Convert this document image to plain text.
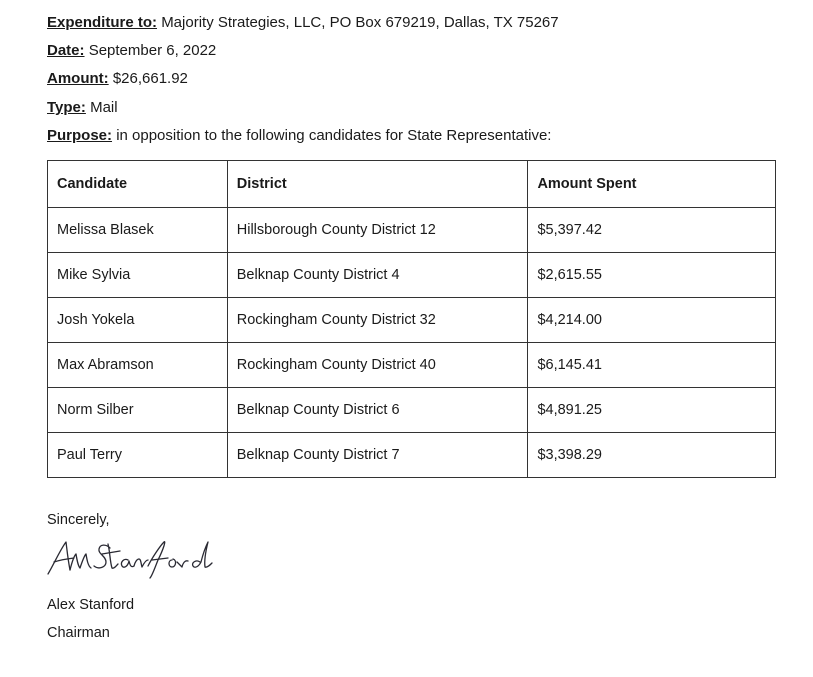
Expenditure to: Majority Strategies, LLC, PO Box 679219, Dallas, TX 75267
Date: September 6, 2022
Amount: $26,661.92
Type: Mail
Purpose: in opposition to the following candidates for State Representative:
Candidate	District	Amount Spent
Melissa Blasek	Hillsborough County District 12	$5,397.42
Mike Sylvia	Belknap County District 4	$2,615.55
Josh Yokela	Rockingham County District 32	$4,214.00
Max Abramson	Rockingham County District 40	$6,145.41
Norm Silber	Belknap County District 6	$4,891.25
Paul Terry	Belknap County District 7	$3,398.29
Sincerely,
Alex Stanford
Chairman
